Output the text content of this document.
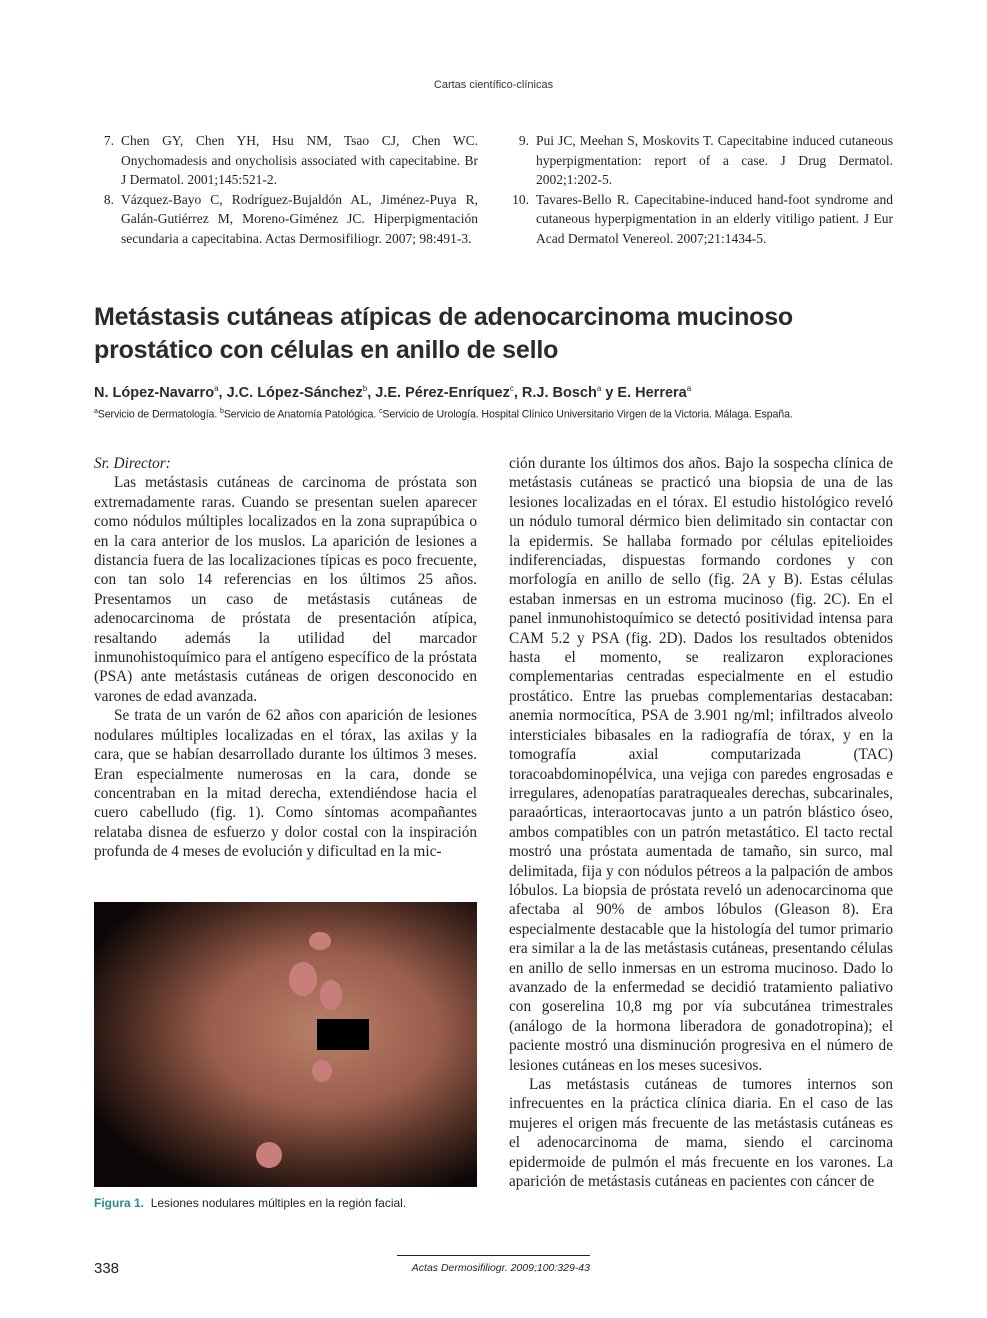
Cartas científico-clínicas
7. Chen GY, Chen YH, Hsu NM, Tsao CJ, Chen WC. Onychomadesis and onycholisis associated with capecitabine. Br J Dermatol. 2001;145:521-2.
8. Vázquez-Bayo C, Rodríguez-Bujaldón AL, Jiménez-Puya R, Galán-Gutiérrez M, Moreno-Giménez JC. Hiperpigmentación secundaria a capecitabina. Actas Dermosifiliogr. 2007; 98:491-3.
9. Pui JC, Meehan S, Moskovits T. Capecitabine induced cutaneous hyperpigmentation: report of a case. J Drug Dermatol. 2002;1:202-5.
10. Tavares-Bello R. Capecitabine-induced hand-foot syndrome and cutaneous hyperpigmentation in an elderly vitiligo patient. J Eur Acad Dermatol Venereol. 2007;21:1434-5.
Metástasis cutáneas atípicas de adenocarcinoma mucinoso prostático con células en anillo de sello
N. López-Navarro$^a$, J.C. López-Sánchez$^b$, J.E. Pérez-Enríquez$^c$, R.J. Bosch$^a$ y E. Herrera$^a$
$^a$Servicio de Dermatología. $^b$Servicio de Anatomía Patológica. $^c$Servicio de Urología. Hospital Clínico Universitario Virgen de la Victoria. Málaga. España.

Sr. Director:

Las metástasis cutáneas de carcinoma de próstata son extremadamente raras. Cuando se presentan suelen aparecer como nódulos múltiples localizados en la zona suprapúbica o en la cara anterior de los muslos. La aparición de lesiones a distancia fuera de las localizaciones típicas es poco frecuente, con tan solo 14 referencias en los últimos 25 años. Presentamos un caso de metástasis cutáneas de adenocarcinoma de próstata de presentación atípica, resaltando además la utilidad del marcador inmunohistoquímico para el antígeno específico de la próstata (PSA) ante metástasis cutáneas de origen desconocido en varones de edad avanzada.

Se trata de un varón de 62 años con aparición de lesiones nodulares múltiples localizadas en el tórax, las axilas y la cara, que se habían desarrollado durante los últimos 3 meses. Eran especialmente numerosas en la cara, donde se concentraban en la mitad derecha, extendiéndose hacia el cuero cabelludo (fig. 1). Como síntomas acompañantes relataba disnea de esfuerzo y dolor costal con la inspiración profunda de 4 meses de evolución y dificultad en la mic-

ción durante los últimos dos años. Bajo la sospecha clínica de metástasis cutáneas se practicó una biopsia de una de las lesiones localizadas en el tórax. El estudio histológico reveló un nódulo tumoral dérmico bien delimitado sin contactar con la epidermis. Se hallaba formado por células epitelioides indiferenciadas, dispuestas formando cordones y con morfología en anillo de sello (fig. 2A y B). Estas células estaban inmersas en un estroma mucinoso (fig. 2C). En el panel inmunohistoquímico se detectó positividad intensa para CAM 5.2 y PSA (fig. 2D). Dados los resultados obtenidos hasta el momento, se realizaron exploraciones complementarias centradas especialmente en el estudio prostático. Entre las pruebas complementarias destacaban: anemia normocítica, PSA de 3.901 ng/ml; infiltrados alveolo intersticiales bibasales en la radiografía de tórax, y en la tomografía axial computarizada (TAC) toracoabdominopélvica, una vejiga con paredes engrosadas e irregulares, adenopatías paratraqueales derechas, subcarinales, paraaórticas, interaortocavas junto a un patrón blástico óseo, ambos compatibles con un patrón metastático. El tacto rectal mostró una próstata aumentada de tamaño, sin surco, mal delimitada, fija y con nódulos pétreos a la palpación de ambos lóbulos. La biopsia de próstata reveló un adenocarcinoma que afectaba al 90% de ambos lóbulos (Gleason 8). Era especialmente destacable que la histología del tumor primario era similar a la de las metástasis cutáneas, presentando células en anillo de sello inmersas en un estroma mucinoso. Dado lo avanzado de la enfermedad se decidió tratamiento paliativo con goserelina 10,8 mg por vía subcutánea trimestrales (análogo de la hormona liberadora de gonadotropina); el paciente mostró una disminución progresiva en el número de lesiones cutáneas en los meses sucesivos.

Las metástasis cutáneas de tumores internos son infrecuentes en la práctica clínica diaria. En el caso de las mujeres el origen más frecuente de las metástasis cutáneas es el adenocarcinoma de mama, siendo el carcinoma epidermoide de pulmón el más frecuente en los varones. La aparición de metástasis cutáneas en pacientes con cáncer de

Figura 1. Lesiones nodulares múltiples en la región facial.
338	Actas Dermosifiliogr. 2009;100:329-43
